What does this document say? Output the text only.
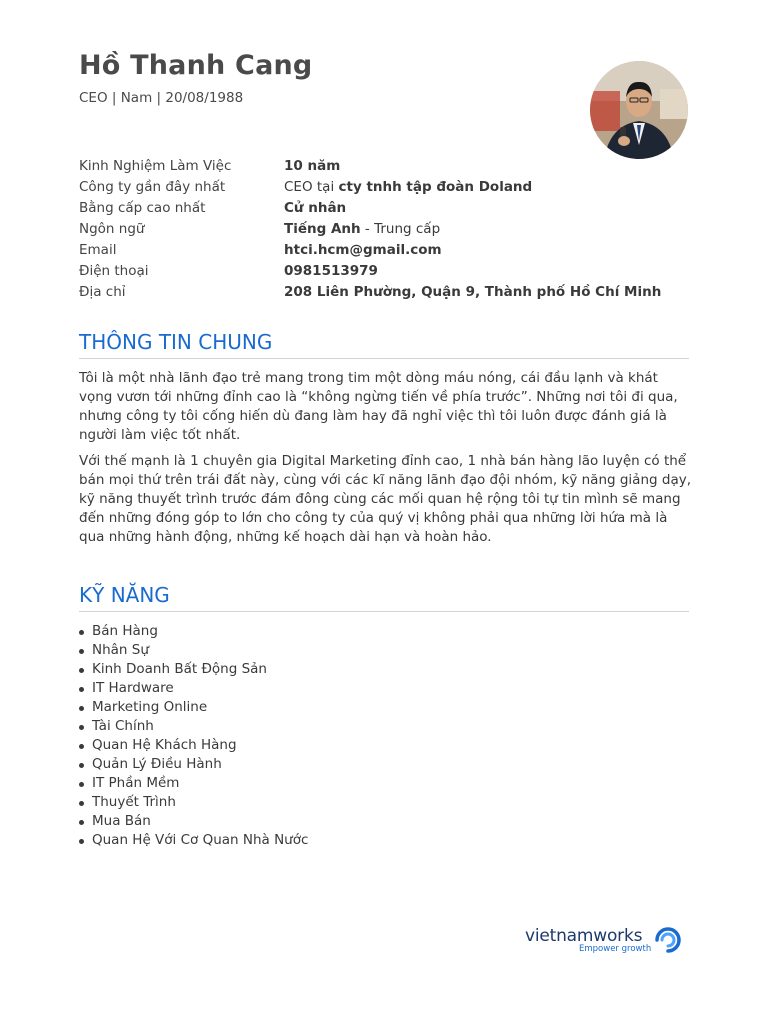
Hồ Thanh Cang
CEO | Nam | 20/08/1988
Kinh Nghiệm Làm Việc	10 năm
Công ty gần đây nhất	CEO tại cty tnhh tập đoàn Doland
Bằng cấp cao nhất	Cử nhân
Ngôn ngữ	Tiếng Anh - Trung cấp
Email	htci.hcm@gmail.com
Điện thoại	0981513979
Địa chỉ	208 Liên Phường, Quận 9, Thành phố Hồ Chí Minh
THÔNG TIN CHUNG

Tôi là một nhà lãnh đạo trẻ mang trong tim một dòng máu nóng, cái đầu lạnh và khát vọng vươn tới những đỉnh cao là “không ngừng tiến về phía trước”. Những nơi tôi đi qua, nhưng công ty tôi cống hiến dù đang làm hay đã nghỉ việc thì tôi luôn được đánh giá là người làm việc tốt nhất.

Với thế mạnh là 1 chuyên gia Digital Marketing đỉnh cao, 1 nhà bán hàng lão luyện có thể bán mọi thứ trên trái đất này, cùng với các kĩ năng lãnh đạo đội nhóm, kỹ năng giảng dạy, kỹ năng thuyết trình trước đám đông cùng các mối quan hệ rộng tôi tự tin mình sẽ mang đến những đóng góp to lớn cho công ty của quý vị không phải qua những lời hứa mà là qua những hành động, những kế hoạch dài hạn và hoàn hảo.

KỸ NĂNG
Bán Hàng
Nhân Sự
Kinh Doanh Bất Động Sản
IT Hardware
Marketing Online
Tài Chính
Quan Hệ Khách Hàng
Quản Lý Điều Hành
IT Phần Mềm
Thuyết Trình
Mua Bán
Quan Hệ Với Cơ Quan Nhà Nước
vietnamworks
Empower growth
